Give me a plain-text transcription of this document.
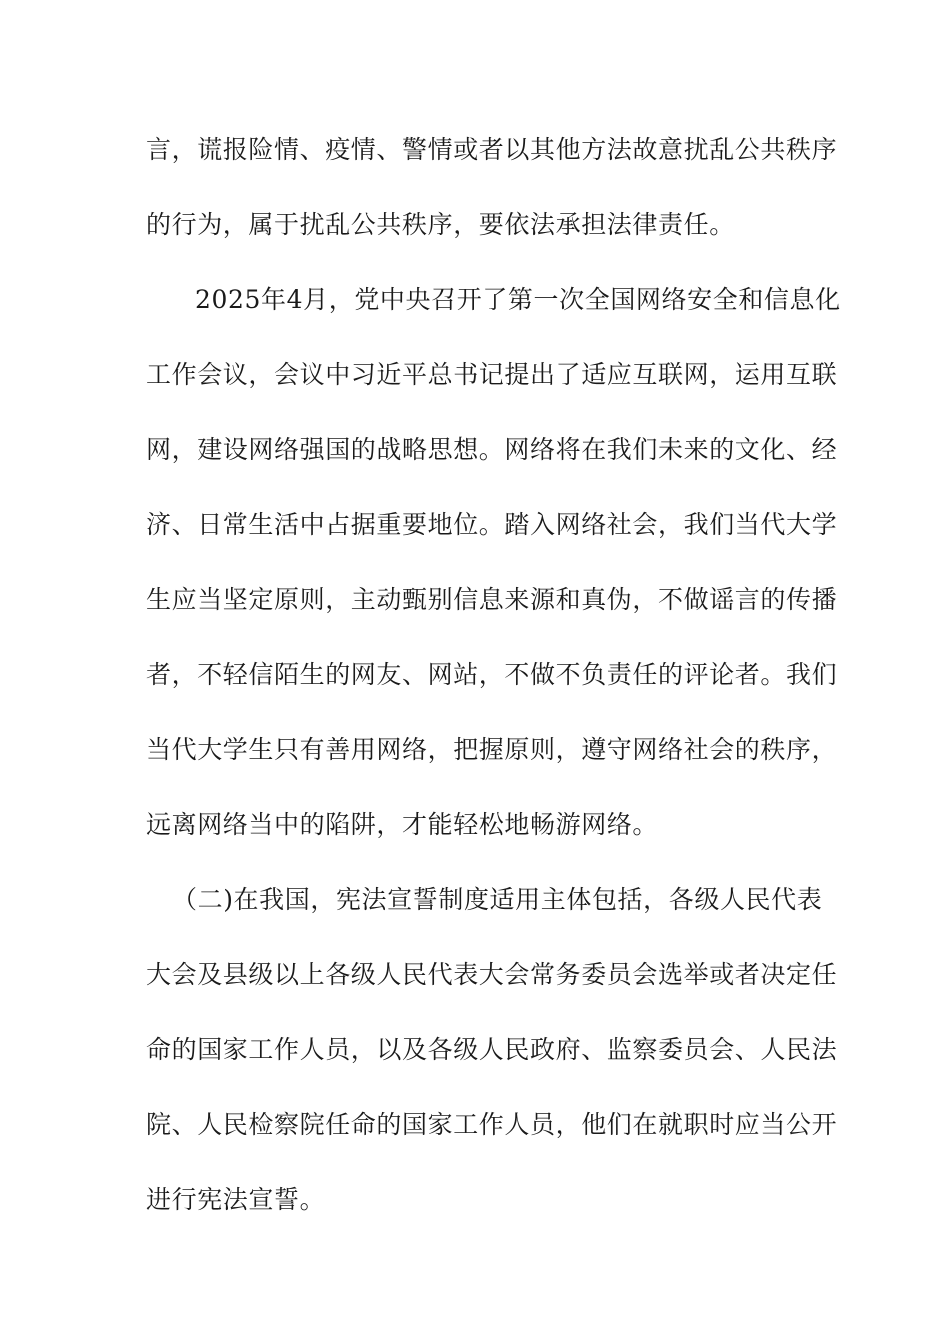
言，谎报险情、疫情、警情或者以其他方法故意扰乱公共秩序
的行为，属于扰乱公共秩序，要依法承担法律责任。
2025年4月，党中央召开了第一次全国网络安全和信息化
工作会议，会议中习近平总书记提出了适应互联网，运用互联
网，建设网络强国的战略思想。网络将在我们未来的文化、经
济、日常生活中占据重要地位。踏入网络社会，我们当代大学
生应当坚定原则，主动甄别信息来源和真伪，不做谣言的传播
者，不轻信陌生的网友、网站，不做不负责任的评论者。我们
当代大学生只有善用网络，把握原则，遵守网络社会的秩序，
远离网络当中的陷阱，才能轻松地畅游网络。
（二)在我国，宪法宣誓制度适用主体包括，各级人民代表
大会及县级以上各级人民代表大会常务委员会选举或者决定任
命的国家工作人员，以及各级人民政府、监察委员会、人民法
院、人民检察院任命的国家工作人员，他们在就职时应当公开
进行宪法宣誓。
